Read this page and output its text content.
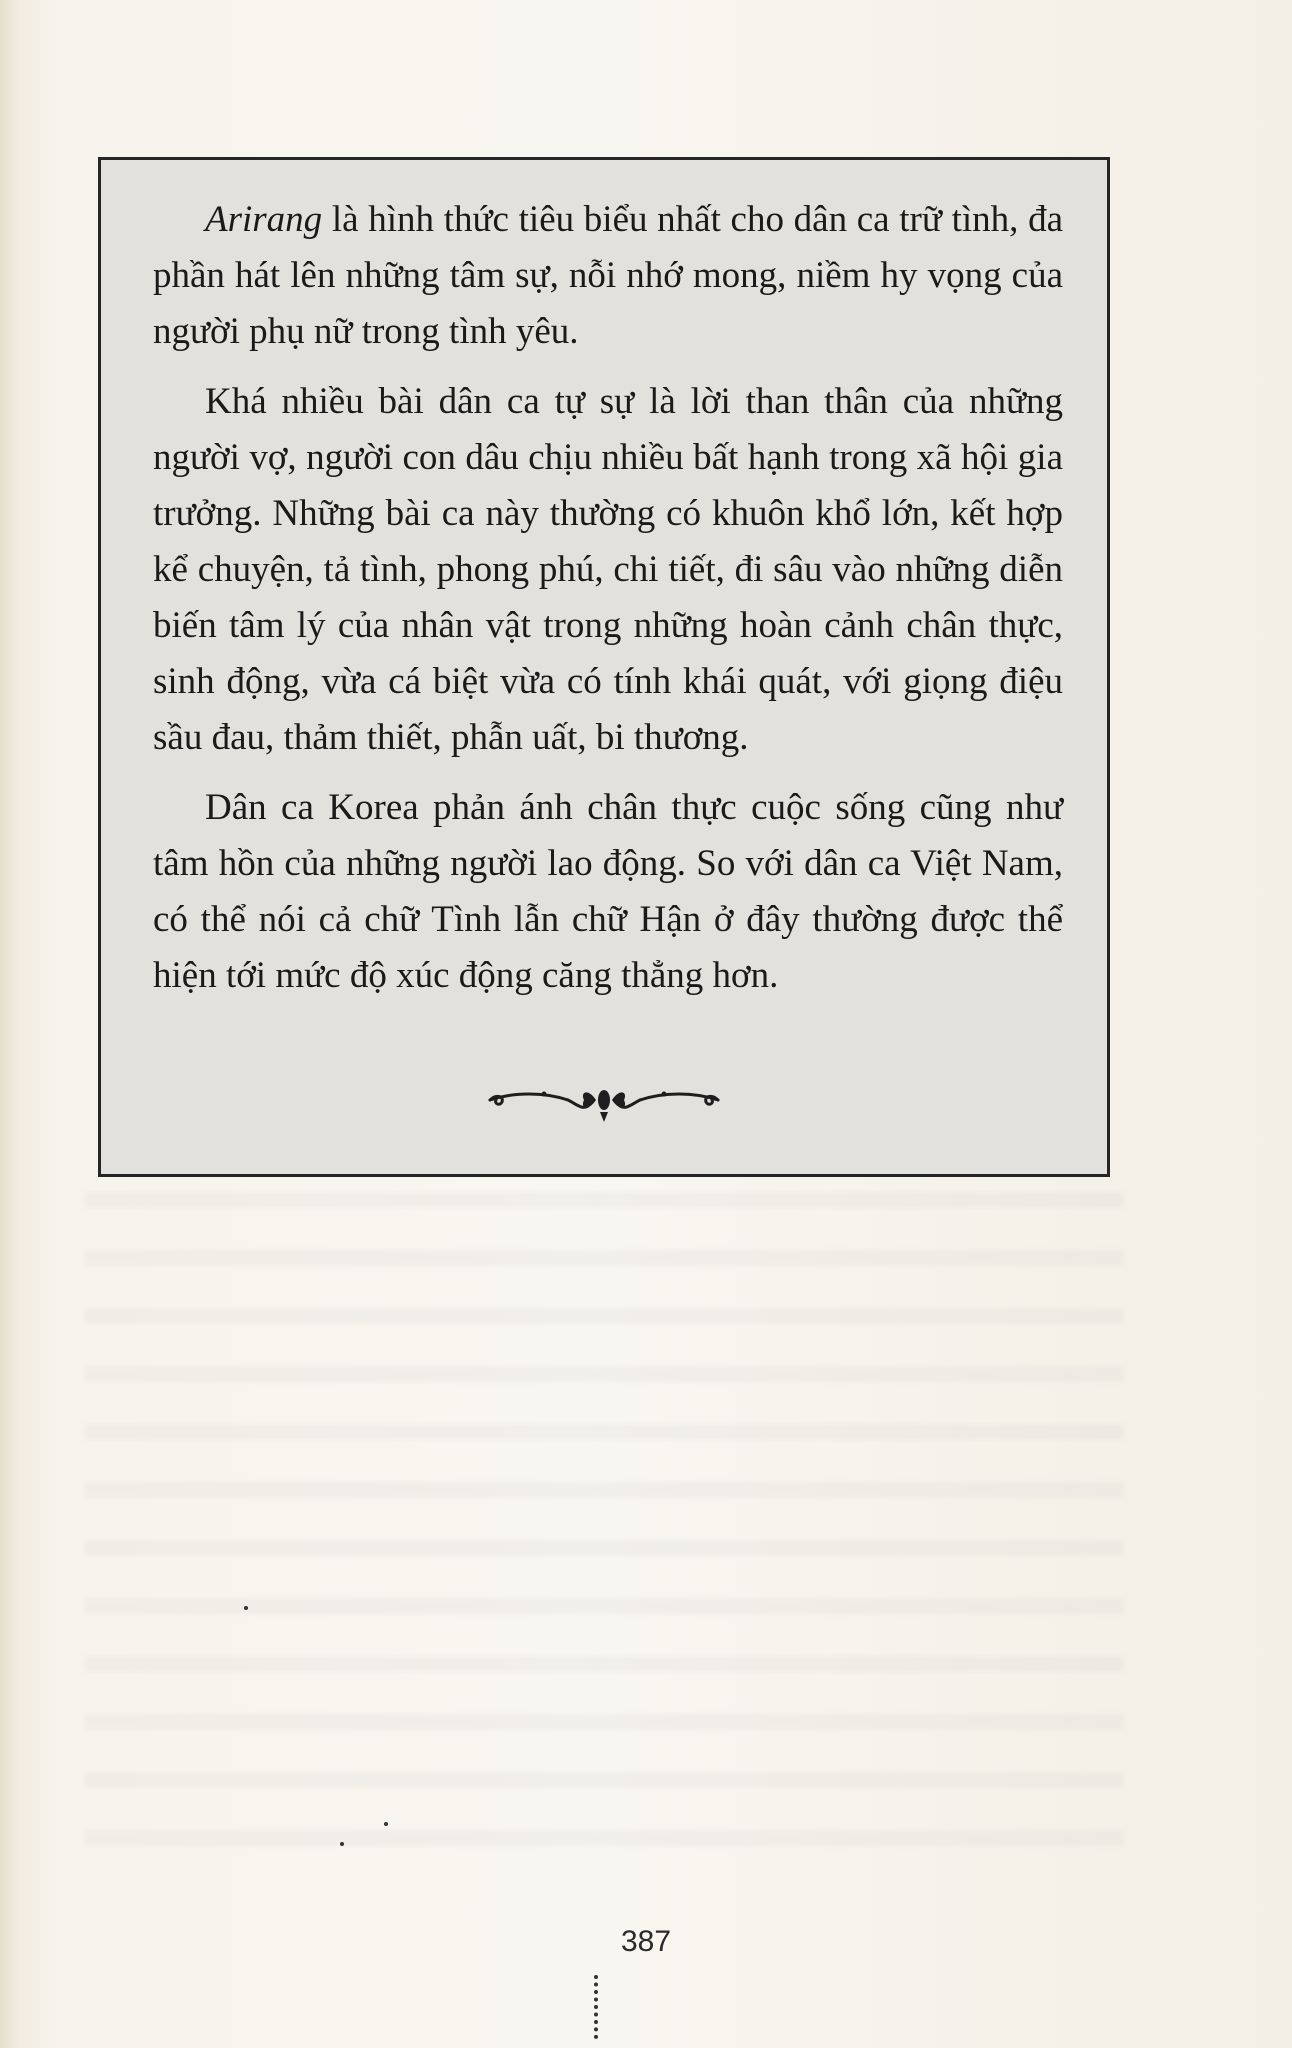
Arirang là hình thức tiêu biểu nhất cho dân ca trữ tình, đa phần hát lên những tâm sự, nỗi nhớ mong, niềm hy vọng của người phụ nữ trong tình yêu.

Khá nhiều bài dân ca tự sự là lời than thân của những người vợ, người con dâu chịu nhiều bất hạnh trong xã hội gia trưởng. Những bài ca này thường có khuôn khổ lớn, kết hợp kể chuyện, tả tình, phong phú, chi tiết, đi sâu vào những diễn biến tâm lý của nhân vật trong những hoàn cảnh chân thực, sinh động, vừa cá biệt vừa có tính khái quát, với giọng điệu sầu đau, thảm thiết, phẫn uất, bi thương.

Dân ca Korea phản ánh chân thực cuộc sống cũng như tâm hồn của những người lao động. So với dân ca Việt Nam, có thể nói cả chữ Tình lẫn chữ Hận ở đây thường được thể hiện tới mức độ xúc động căng thẳng hơn.

387
